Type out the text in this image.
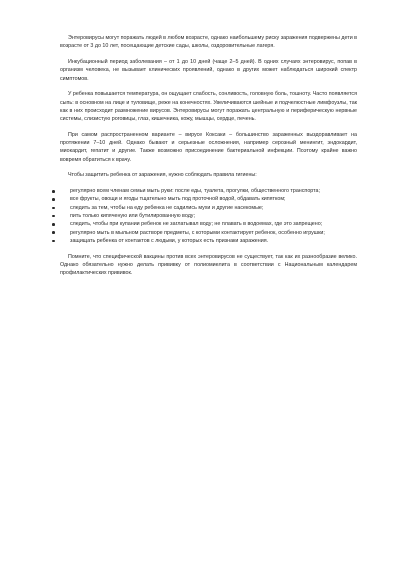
Энтеровирусы могут поражать людей в любом возрасте, однако наибольшему риску заражения подвержены дети в возрасте от 3 до 10 лет, посещающие детские сады, школы, оздоровительные лагеря.

Инкубационный период заболевания – от 1 до 10 дней (чаще 2–5 дней). В одних случаях энтеровирус, попав в организм человека, не вызывает клинических проявлений, однако в других может наблюдаться широкий спектр симптомов.

У ребенка повышается температура, он ощущает слабость, сонливость, головную боль, тошноту. Часто появляется сыпь: в основном на лице и туловище, реже на конечностях. Увеличиваются шейные и подчелюстные лимфоузлы, так как в них происходит размножение вирусов. Энтеровирусы могут поражать центральную и периферическую нервные системы, слизистую роговицы, глаз, кишечника, кожу, мышцы, сердце, печень.

При самом распространенном варианте – вирусе Коксаки – большинство зараженных выздоравливает на протяжении 7–10 дней. Однако бывают и серьезные осложнения, например серозный менингит, эндокардит, миокардит, гепатит и другие. Также возможно присоединение бактериальной инфекции. Поэтому крайне важно вовремя обратиться к врачу.

Чтобы защитить ребенка от заражения, нужно соблюдать правила гигиены:

регулярно всем членам семьи мыть руки: после еды, туалета, прогулки, общественного транспорта;
все фрукты, овощи и ягоды тщательно мыть под проточной водой, обдавать кипятком;
следить за тем, чтобы на еду ребенка не садились мухи и другие насекомые;
пить только кипяченую или бутилированную воду;
следить, чтобы при купании ребенок не заглатывал воду; не плавать в водоемах, где это запрещено;
регулярно мыть в мыльном растворе предметы, с которыми контактирует ребенок, особенно игрушки;
защищать ребенка от контактов с людьми, у которых есть признаки заражения.

Помните, что специфической вакцины против всех энтеровирусов не существует, так как их разнообразие велико. Однако обязательно нужно делать прививку от полиомиелита в соответствии с Национальным календарем профилактических прививок.
